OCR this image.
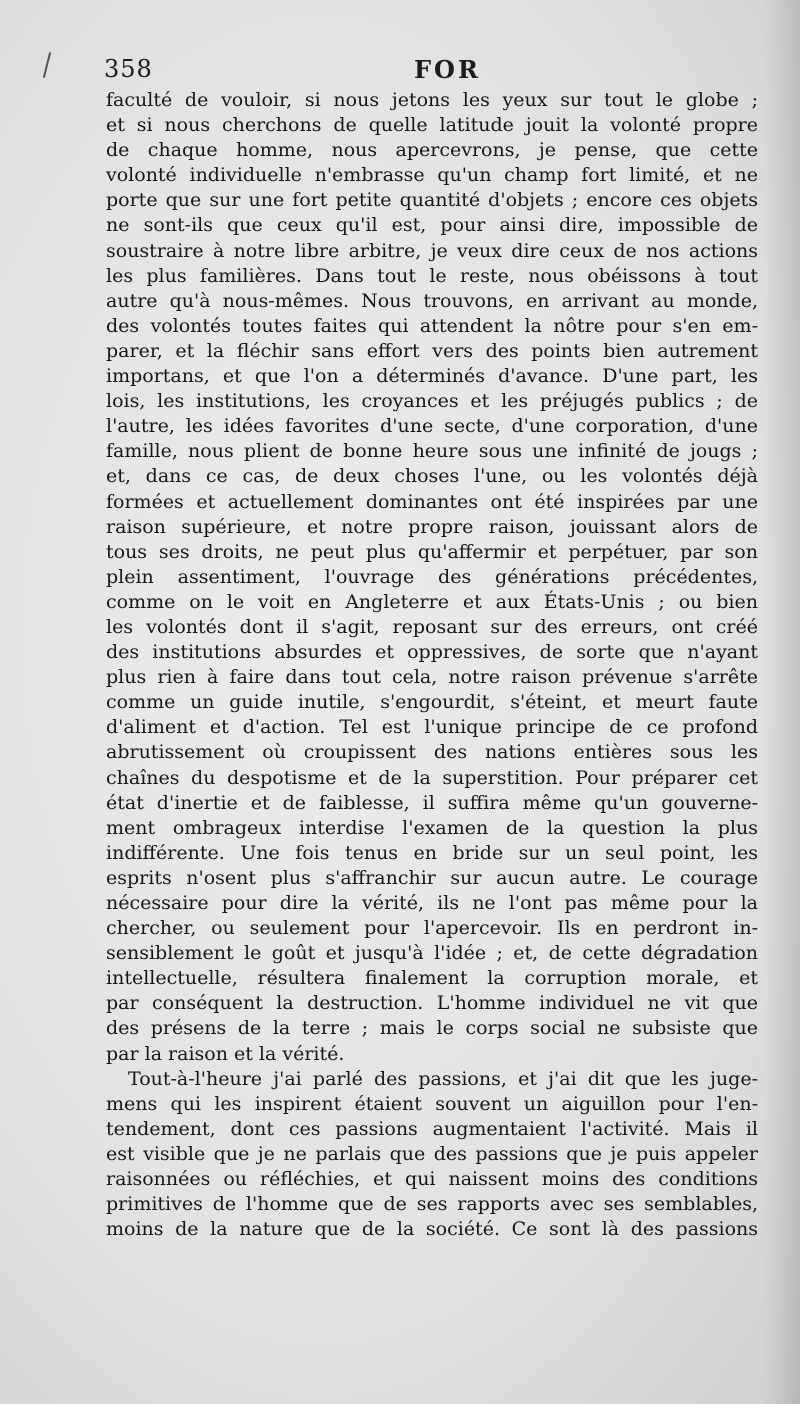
358	FOR
faculté de vouloir, si nous jetons les yeux sur tout le globe ;
et si nous cherchons de quelle latitude jouit la volonté propre
de chaque homme, nous apercevrons, je pense, que cette
volonté individuelle n'embrasse qu'un champ fort limité, et ne
porte que sur une fort petite quantité d'objets ; encore ces objets
ne sont-ils que ceux qu'il est, pour ainsi dire, impossible de
soustraire à notre libre arbitre, je veux dire ceux de nos actions
les plus familières. Dans tout le reste, nous obéissons à tout
autre qu'à nous-mêmes. Nous trouvons, en arrivant au monde,
des volontés toutes faites qui attendent la nôtre pour s'en em-
parer, et la fléchir sans effort vers des points bien autrement
importans, et que l'on a déterminés d'avance. D'une part, les
lois, les institutions, les croyances et les préjugés publics ; de
l'autre, les idées favorites d'une secte, d'une corporation, d'une
famille, nous plient de bonne heure sous une infinité de jougs ;
et, dans ce cas, de deux choses l'une, ou les volontés déjà
formées et actuellement dominantes ont été inspirées par une
raison supérieure, et notre propre raison, jouissant alors de
tous ses droits, ne peut plus qu'affermir et perpétuer, par son
plein assentiment, l'ouvrage des générations précédentes,
comme on le voit en Angleterre et aux États-Unis ; ou bien
les volontés dont il s'agit, reposant sur des erreurs, ont créé
des institutions absurdes et oppressives, de sorte que n'ayant
plus rien à faire dans tout cela, notre raison prévenue s'arrête
comme un guide inutile, s'engourdit, s'éteint, et meurt faute
d'aliment et d'action. Tel est l'unique principe de ce profond
abrutissement où croupissent des nations entières sous les
chaînes du despotisme et de la superstition. Pour préparer cet
état d'inertie et de faiblesse, il suffira même qu'un gouverne-
ment ombrageux interdise l'examen de la question la plus
indifférente. Une fois tenus en bride sur un seul point, les
esprits n'osent plus s'affranchir sur aucun autre. Le courage
nécessaire pour dire la vérité, ils ne l'ont pas même pour la
chercher, ou seulement pour l'apercevoir. Ils en perdront in-
sensiblement le goût et jusqu'à l'idée ; et, de cette dégradation
intellectuelle, résultera finalement la corruption morale, et
par conséquent la destruction. L'homme individuel ne vit que
des présens de la terre ; mais le corps social ne subsiste que
par la raison et la vérité.
Tout-à-l'heure j'ai parlé des passions, et j'ai dit que les juge-
mens qui les inspirent étaient souvent un aiguillon pour l'en-
tendement, dont ces passions augmentaient l'activité. Mais il
est visible que je ne parlais que des passions que je puis appeler
raisonnées ou réfléchies, et qui naissent moins des conditions
primitives de l'homme que de ses rapports avec ses semblables,
moins de la nature que de la société. Ce sont là des passions
